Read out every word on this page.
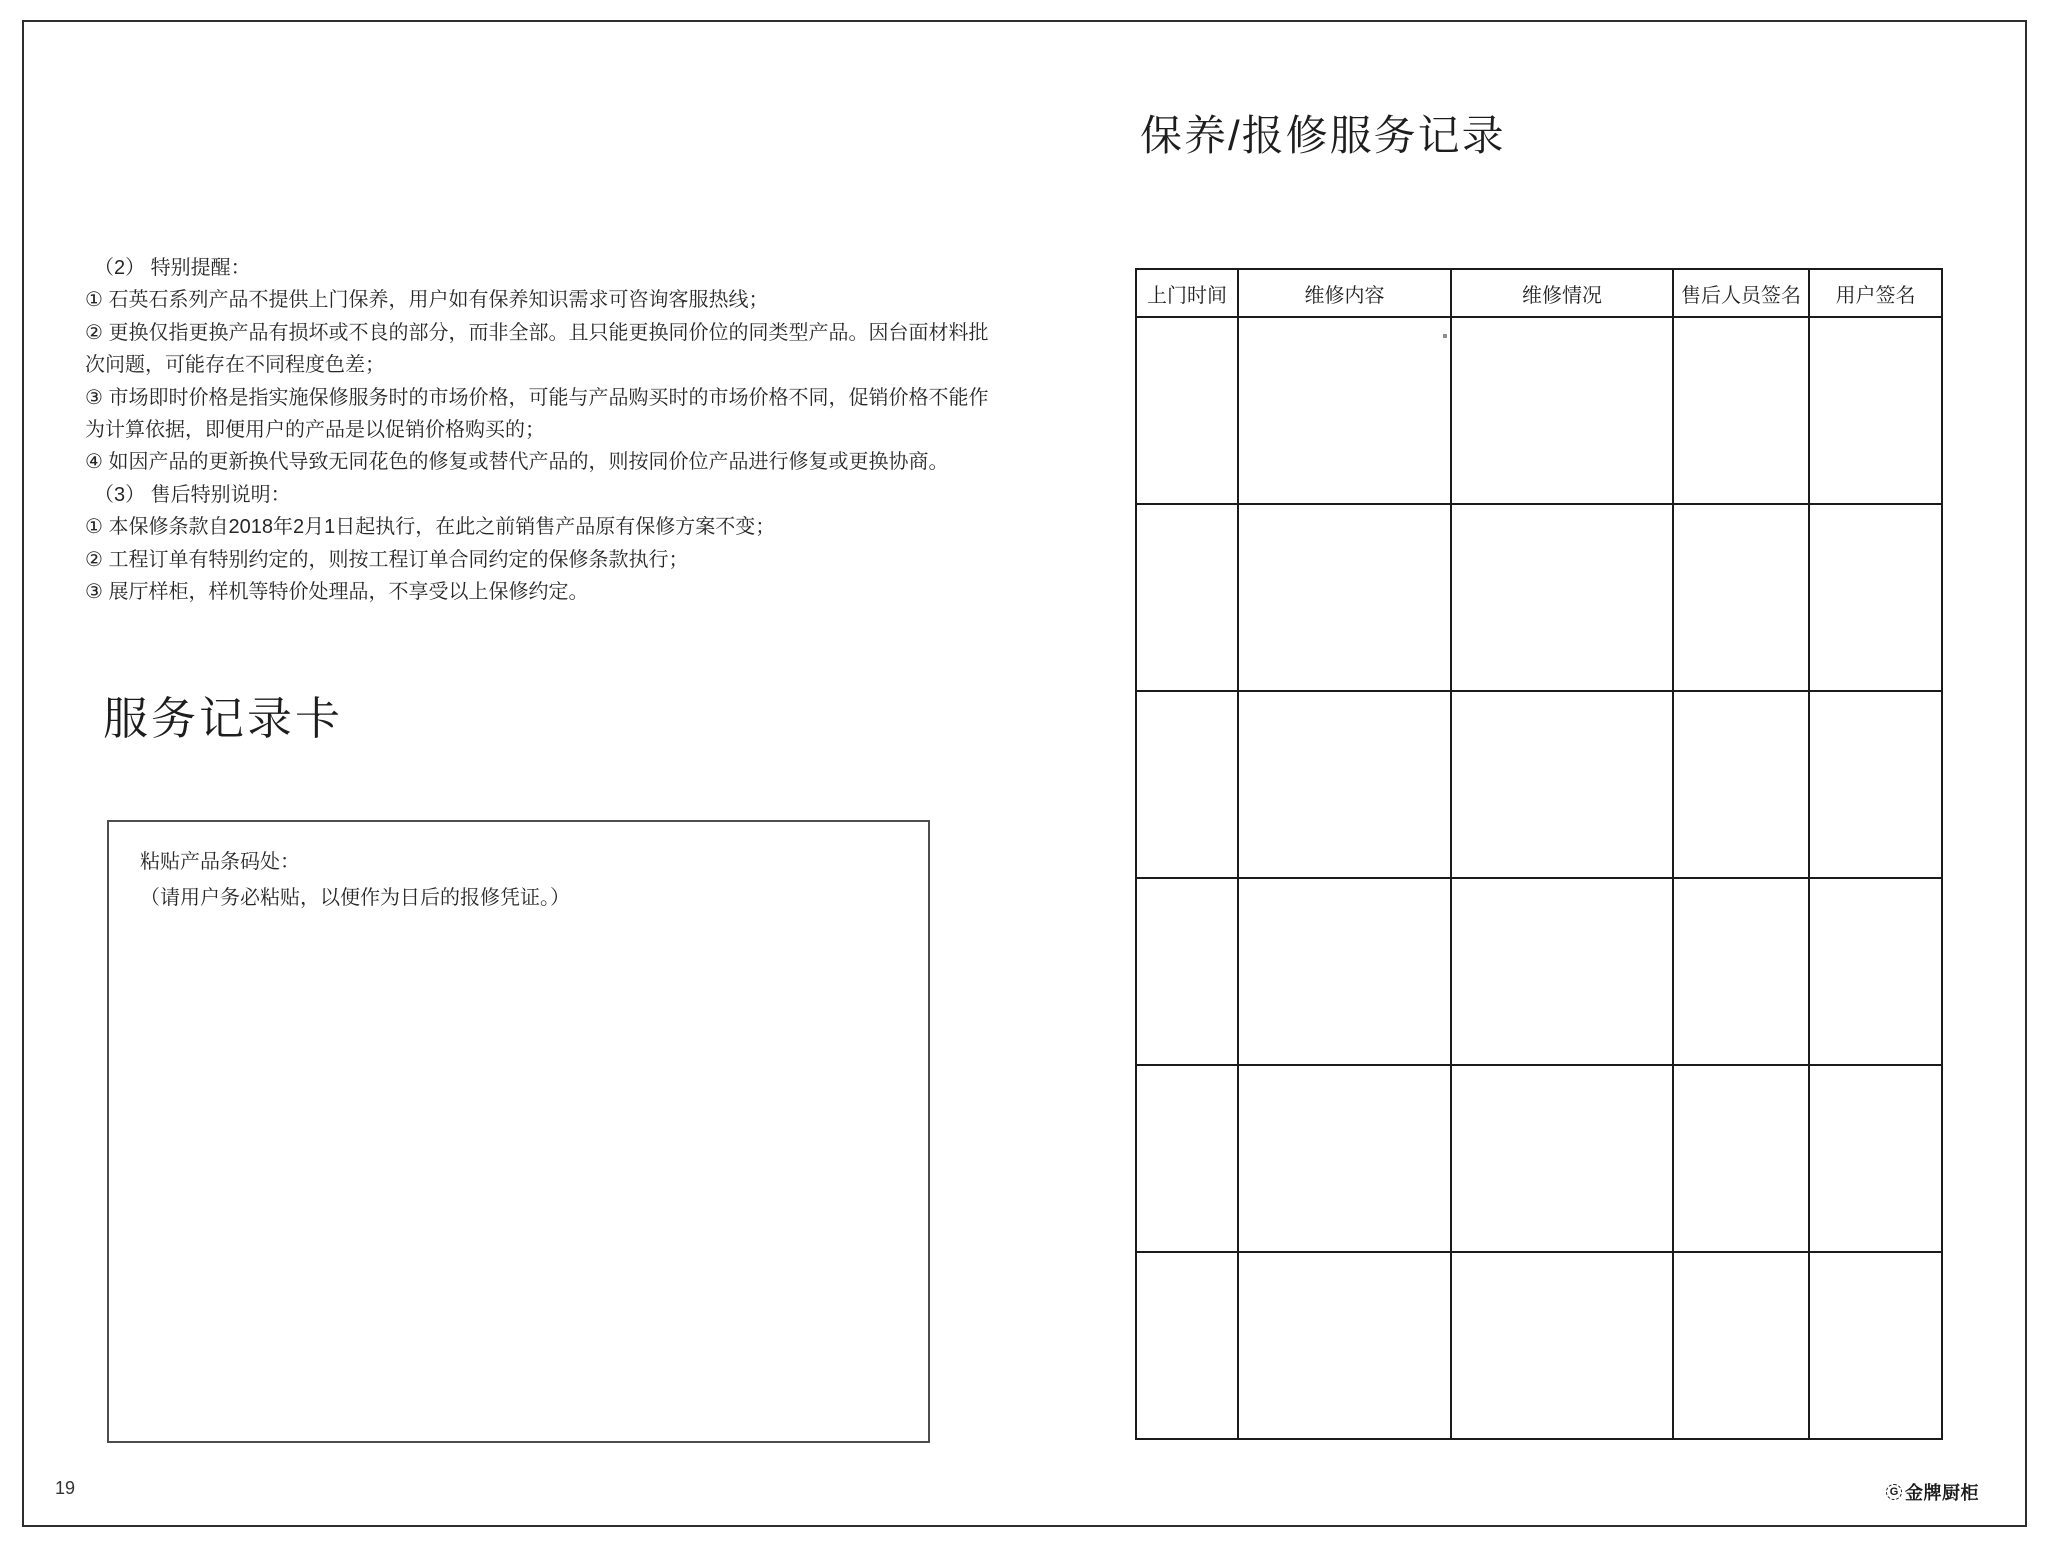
（2） 特别提醒：
① 石英石系列产品不提供上门保养，用户如有保养知识需求可咨询客服热线；
② 更换仅指更换产品有损坏或不良的部分，而非全部。且只能更换同价位的同类型产品。因台面材料批
次问题，可能存在不同程度色差；
③ 市场即时价格是指实施保修服务时的市场价格，可能与产品购买时的市场价格不同，促销价格不能作
为计算依据，即便用户的产品是以促销价格购买的；
④ 如因产品的更新换代导致无同花色的修复或替代产品的，则按同价位产品进行修复或更换协商。
（3） 售后特别说明：
① 本保修条款自2018年2月1日起执行，在此之前销售产品原有保修方案不变；
② 工程订单有特别约定的，则按工程订单合同约定的保修条款执行；
③ 展厅样柜，样机等特价处理品，不享受以上保修约定。
服务记录卡
粘贴产品条码处：
（请用户务必粘贴，以便作为日后的报修凭证。）
保养/报修服务记录
上门时间	维修内容	维修情况	售后人员签名	用户签名

19	G 金牌厨柜
